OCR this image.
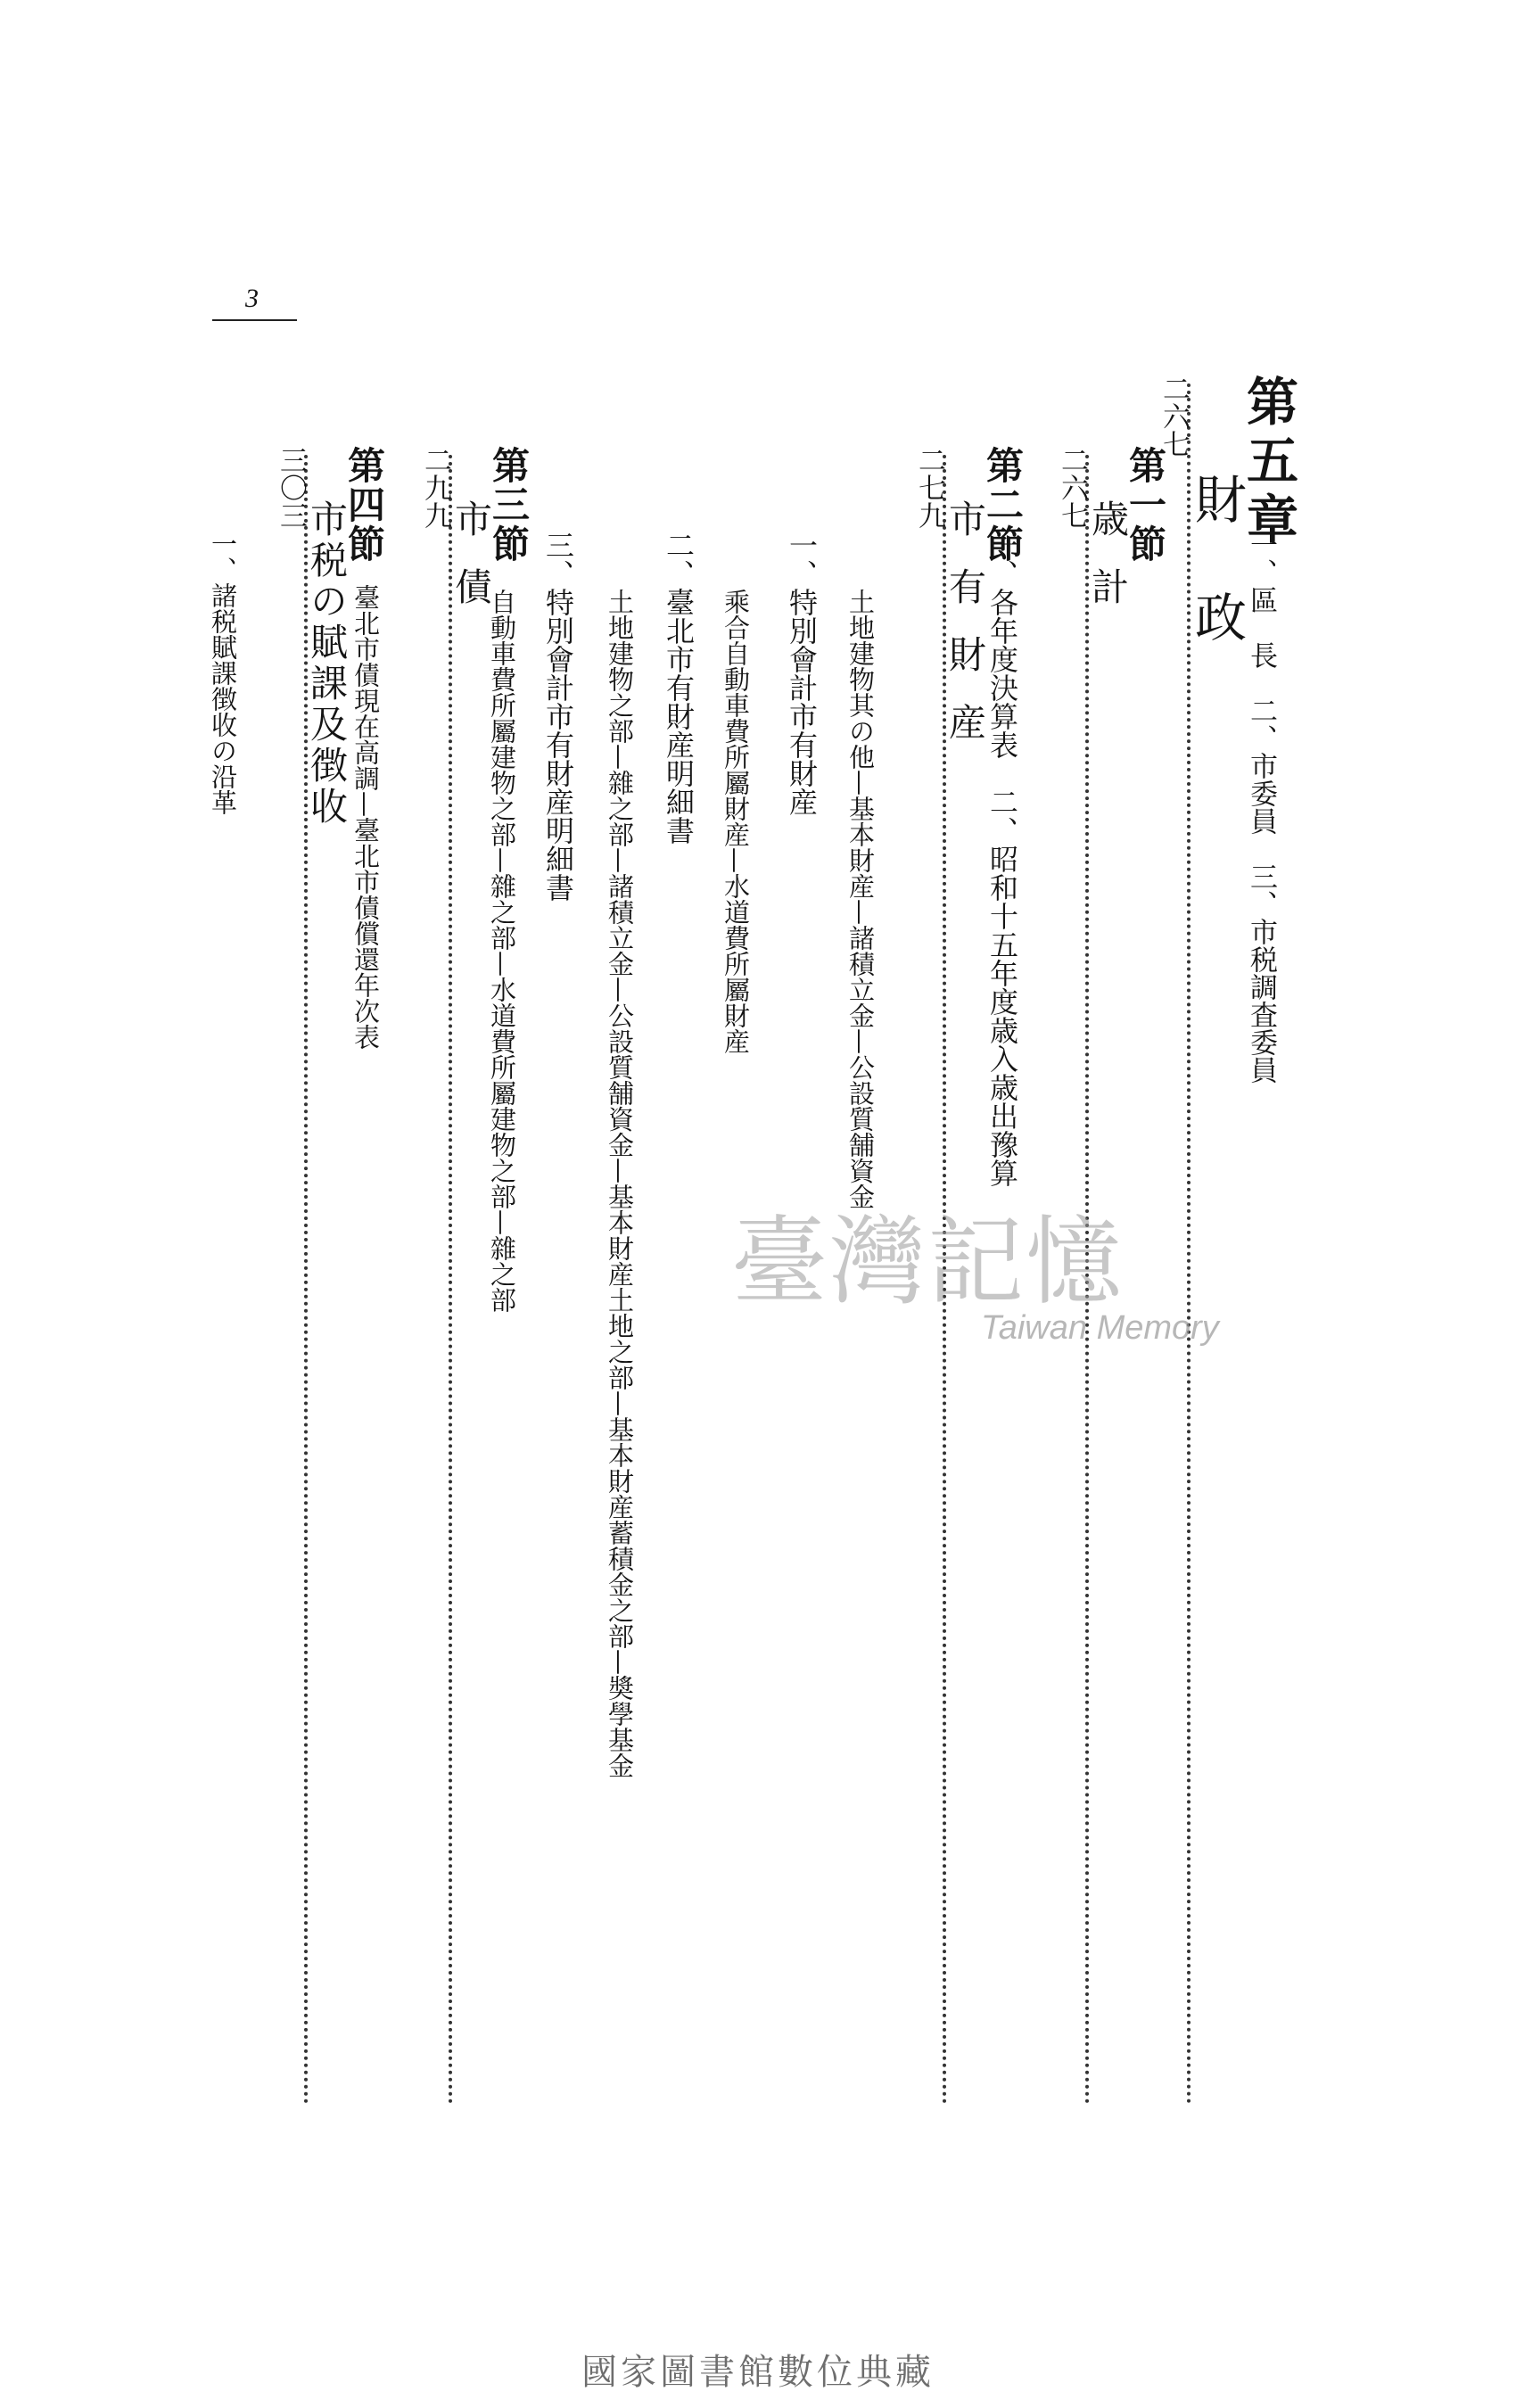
3
一、區　長　二、市委員　三、市税調査委員
第五章
財　政
二六七
第一節
歳計
二六七
一、各年度決算表　二、昭和十五年度歳入歳出豫算
第二節
市有財産
二七九
土地建物其の他—基本財産—諸積立金—公設質舗資金
一、特別會計市有財産
乘合自動車費所屬財産—水道費所屬財産
二、臺北市有財産明細書
土地建物之部—雜之部—諸積立金—公設質舗資金—基本財産土地之部—基本財産蓄積金之部—奬學基金
三、特別會計市有財産明細書
自動車費所屬建物之部—雜之部—水道費所屬建物之部—雜之部
第三節
市債
二九九
臺北市債現在高調—臺北市債償還年次表
第四節
市税の賦課及徴收
三〇三
一、諸税賦課徴收の沿革
臺灣記憶
Taiwan Memory
國家圖書館數位典藏
